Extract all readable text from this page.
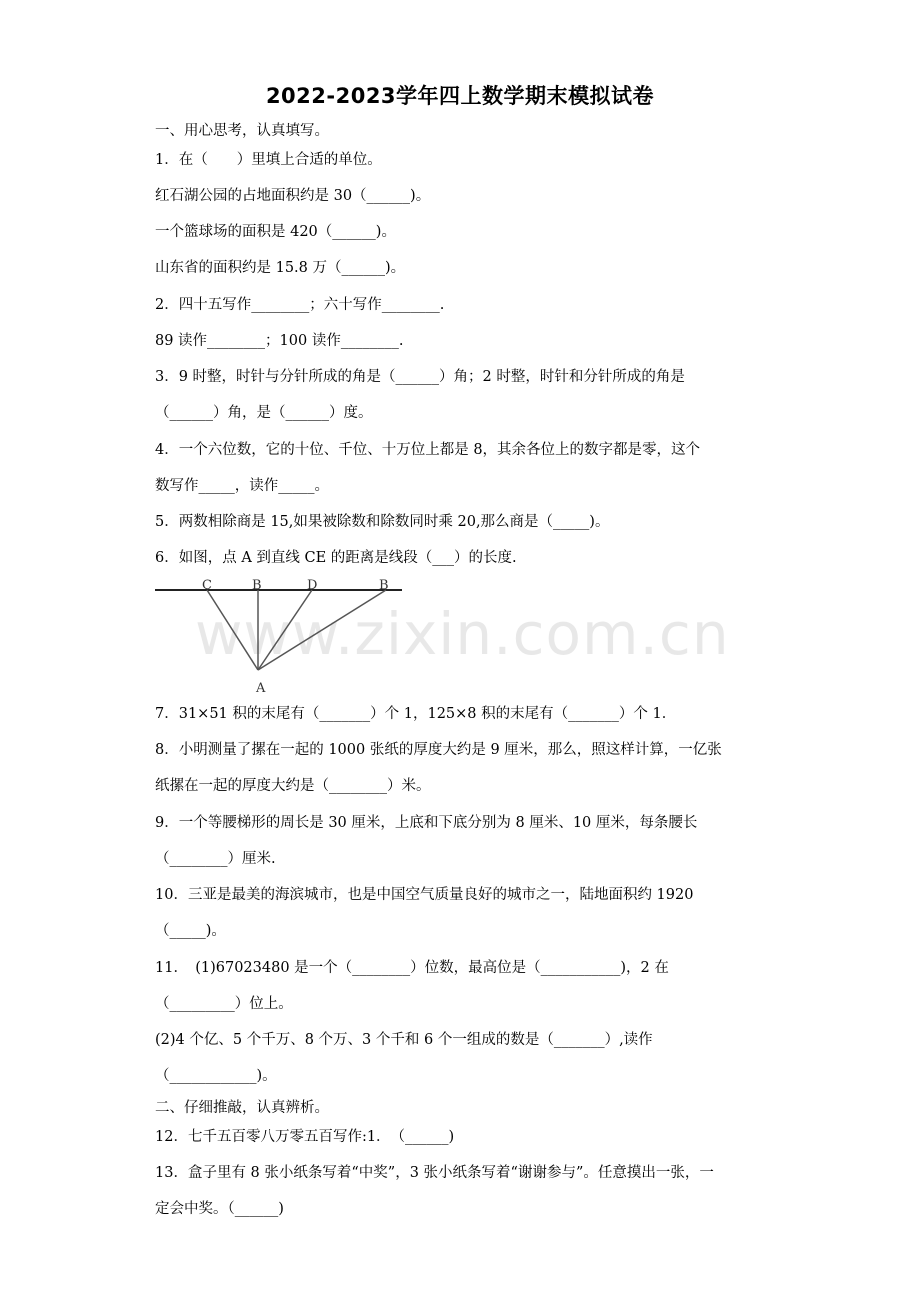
2022-2023学年四上数学期末模拟试卷
www.zixin.com.cn
一、用心思考，认真填写。
1．在（　　）里填上合适的单位。
红石湖公园的占地面积约是 30（______)。
一个篮球场的面积是 420（______)。
山东省的面积约是 15.8 万（______)。
2．四十五写作________；六十写作________.
89 读作________；100 读作________.
3．9 时整，时针与分针所成的角是（______）角；2 时整，时针和分针所成的角是
（______）角，是（______）度。
4．一个六位数，它的十位、千位、十万位上都是 8，其余各位上的数字都是零，这个
数写作_____，读作_____。
5．两数相除商是 15,如果被除数和除数同时乘 20,那么商是（_____)。
6．如图，点 A 到直线 CE 的距离是线段（___）的长度.
C	B	D	B
A
7．31×51 积的末尾有（_______）个 1，125×8 积的末尾有（_______）个 1．
8．小明测量了摞在一起的 1000 张纸的厚度大约是 9 厘米，那么，照这样计算，一亿张
纸摞在一起的厚度大约是（________）米。
9．一个等腰梯形的周长是 30 厘米，上底和下底分别为 8 厘米、10 厘米，每条腰长
（________）厘米.
10．三亚是最美的海滨城市，也是中国空气质量良好的城市之一，陆地面积约 1920
（_____)。
11．　(1)67023480 是一个（________）位数，最高位是（___________)，2 在
（_________）位上。
(2)4 个亿、5 个千万、8 个万、3 个千和 6 个一组成的数是（_______）,读作
（____________)。
二、仔细推敲，认真辨析。
12．七千五百零八万零五百写作:1．　（______)
13．盒子里有 8 张小纸条写着“中奖”，3 张小纸条写着“谢谢参与”。任意摸出一张，一
定会中奖。（______)
